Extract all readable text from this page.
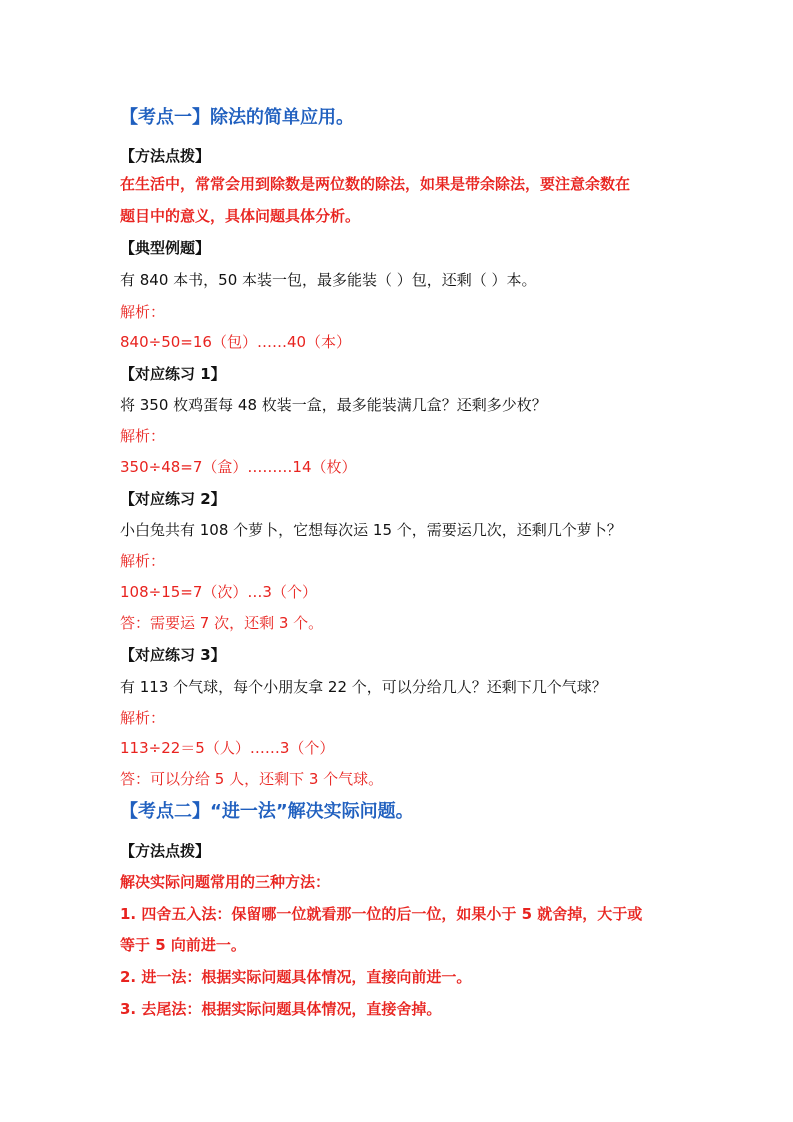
【考点一】除法的简单应用。
【方法点拨】
在生活中，常常会用到除数是两位数的除法，如果是带余除法，要注意余数在
题目中的意义，具体问题具体分析。
【典型例题】
有 840 本书，50 本装一包，最多能装（ ）包，还剩（ ）本。
解析：
840÷50=16（包）……40（本）
【对应练习 1】
将 350 枚鸡蛋每 48 枚装一盒，最多能装满几盒？还剩多少枚？
解析：
350÷48=7（盒）………14（枚）
【对应练习 2】
小白兔共有 108 个萝卜，它想每次运 15 个，需要运几次，还剩几个萝卜？
解析：
108÷15=7（次）…3（个）
答：需要运 7 次，还剩 3 个。
【对应练习 3】
有 113 个气球，每个小朋友拿 22 个，可以分给几人？还剩下几个气球？
解析：
113÷22＝5（人）……3（个）
答：可以分给 5 人，还剩下 3 个气球。
【考点二】“进一法”解决实际问题。
【方法点拨】
解决实际问题常用的三种方法：
1. 四舍五入法：保留哪一位就看那一位的后一位，如果小于 5 就舍掉，大于或
等于 5 向前进一。
2. 进一法：根据实际问题具体情况，直接向前进一。
3. 去尾法：根据实际问题具体情况，直接舍掉。
